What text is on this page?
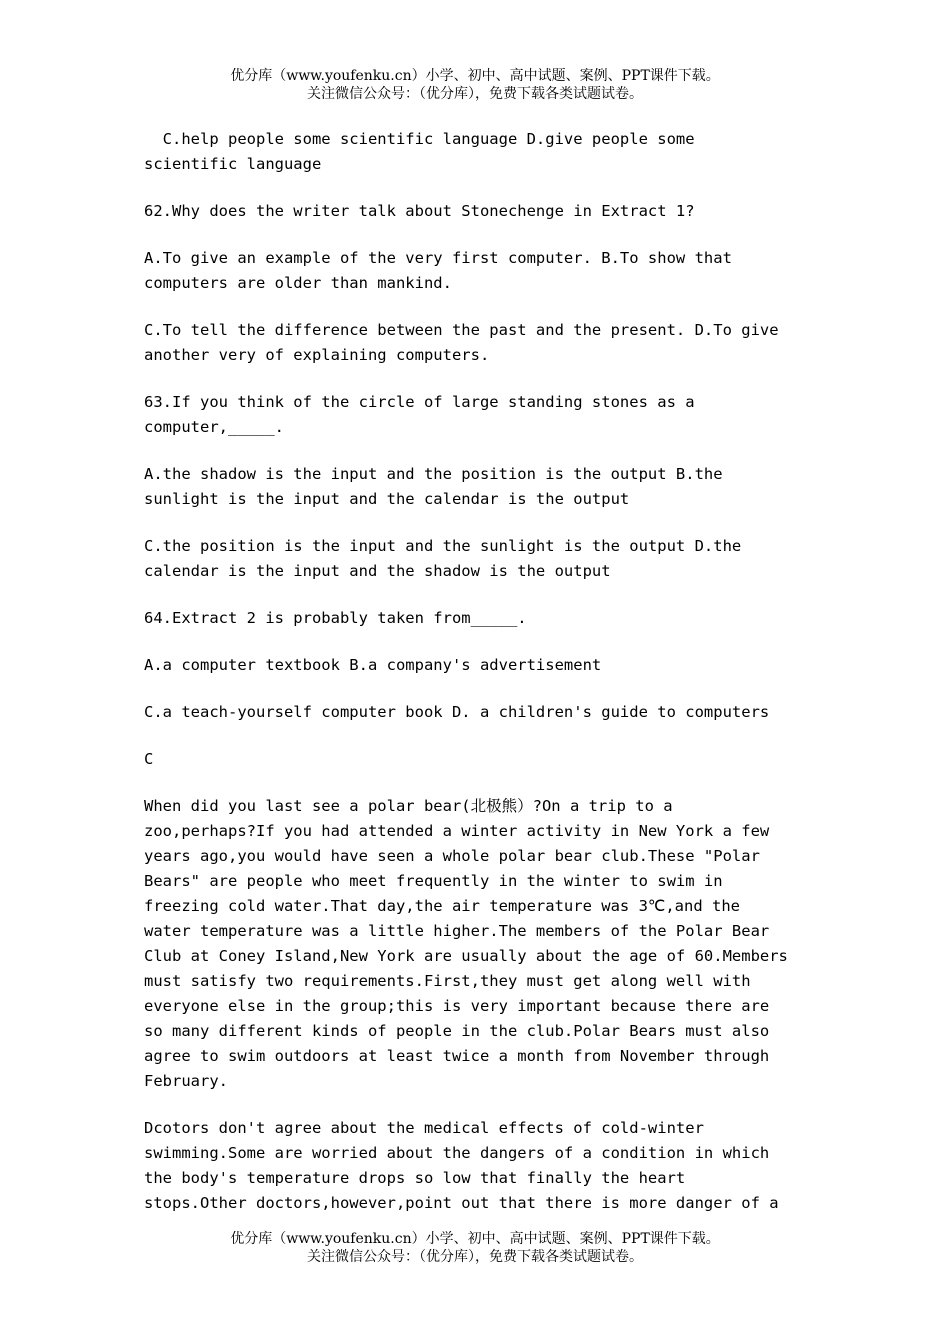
优分库（www.youfenku.cn）小学、初中、高中试题、案例、PPT课件下载。
关注微信公众号：（优分库），免费下载各类试题试卷。

C.help people some scientific language D.give people some
scientific language

62.Why does the writer talk about Stonechenge in Extract 1?

A.To give an example of the very first computer. B.To show that
computers are older than mankind.

C.To tell the difference between the past and the present. D.To give
another very of explaining computers.

63.If you think of the circle of large standing stones as a
computer,_____.

A.the shadow is the input and the position is the output B.the
sunlight is the input and the calendar is the output

C.the position is the input and the sunlight is the output D.the
calendar is the input and the shadow is the output

64.Extract 2 is probably taken from_____.

A.a computer textbook B.a company's advertisement

C.a teach-yourself computer book D. a children's guide to computers

C

When did you last see a polar bear(北极熊）?On a trip to a
zoo,perhaps?If you had attended a winter activity in New York a few
years ago,you would have seen a whole polar bear club.These "Polar
Bears" are people who meet frequently in the winter to swim in
freezing cold water.That day,the air temperature was 3℃,and the
water temperature was a little higher.The members of the Polar Bear
Club at Coney Island,New York are usually about the age of 60.Members
must satisfy two requirements.First,they must get along well with
everyone else in the group;this is very important because there are
so many different kinds of people in the club.Polar Bears must also
agree to swim outdoors at least twice a month from November through
February.

Dcotors don't agree about the medical effects of cold-winter
swimming.Some are worried about the dangers of a condition in which
the body's temperature drops so low that finally the heart
stops.Other doctors,however,point out that there is more danger of a

优分库（www.youfenku.cn）小学、初中、高中试题、案例、PPT课件下载。
关注微信公众号：（优分库），免费下载各类试题试卷。
